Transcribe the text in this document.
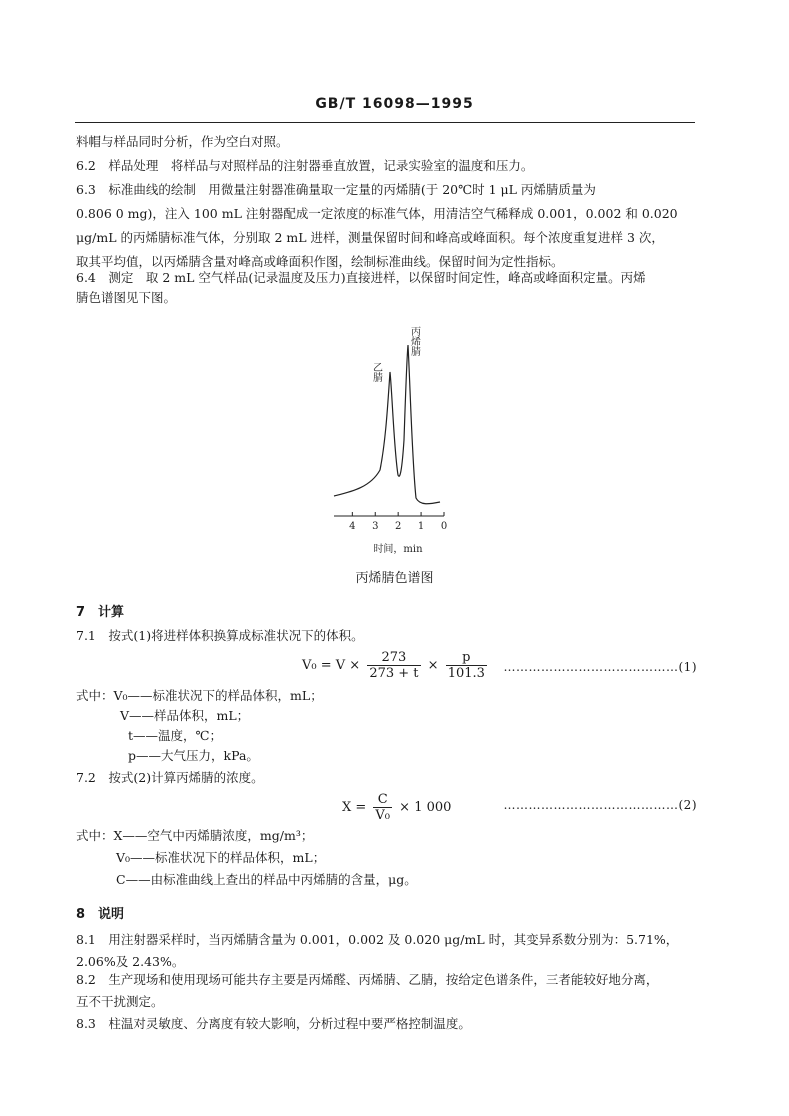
GB/T 16098—1995
料帽与样品同时分析，作为空白对照。
6.2　样品处理　将样品与对照样品的注射器垂直放置，记录实验室的温度和压力。
6.3　标准曲线的绘制　用微量注射器准确量取一定量的丙烯腈(于 20℃时 1 μL 丙烯腈质量为
0.806 0 mg)，注入 100 mL 注射器配成一定浓度的标准气体，用清洁空气稀释成 0.001，0.002 和 0.020
μg/mL 的丙烯腈标准气体，分别取 2 mL 进样，测量保留时间和峰高或峰面积。每个浓度重复进样 3 次，
取其平均值，以丙烯腈含量对峰高或峰面积作图，绘制标准曲线。保留时间为定性指标。
6.4　测定　取 2 mL 空气样品(记录温度及压力)直接进样，以保留时间定性，峰高或峰面积定量。丙烯
腈色谱图见下图。
4 3 2 1 0
乙腈
丙烯腈
时间，min
丙烯腈色谱图
7　计算
7.1　按式(1)将进样体积换算成标准状况下的体积。
$V_0 = V \times \frac{273}{273 + t} \times \frac{p}{101.3}$ ……………………………………(1)
式中：V₀——标准状况下的样品体积，mL；
V——样品体积，mL；
t——温度，℃；
p——大气压力，kPa。
7.2　按式(2)计算丙烯腈的浓度。
$X = \frac{C}{\text{V₀}} \times 1$ 000	……………………………………(2)
式中：X——空气中丙烯腈浓度，mg/m³；
V₀——标准状况下的样品体积，mL；
C——由标准曲线上查出的样品中丙烯腈的含量，μg。
8　说明
8.1　用注射器采样时，当丙烯腈含量为 0.001，0.002 及 0.020 μg/mL 时，其变异系数分别为：5.71%，
2.06%及 2.43%。
8.2　生产现场和使用现场可能共存主要是丙烯醛、丙烯腈、乙腈，按给定色谱条件，三者能较好地分离，
互不干扰测定。
8.3　柱温对灵敏度、分离度有较大影响，分析过程中要严格控制温度。
